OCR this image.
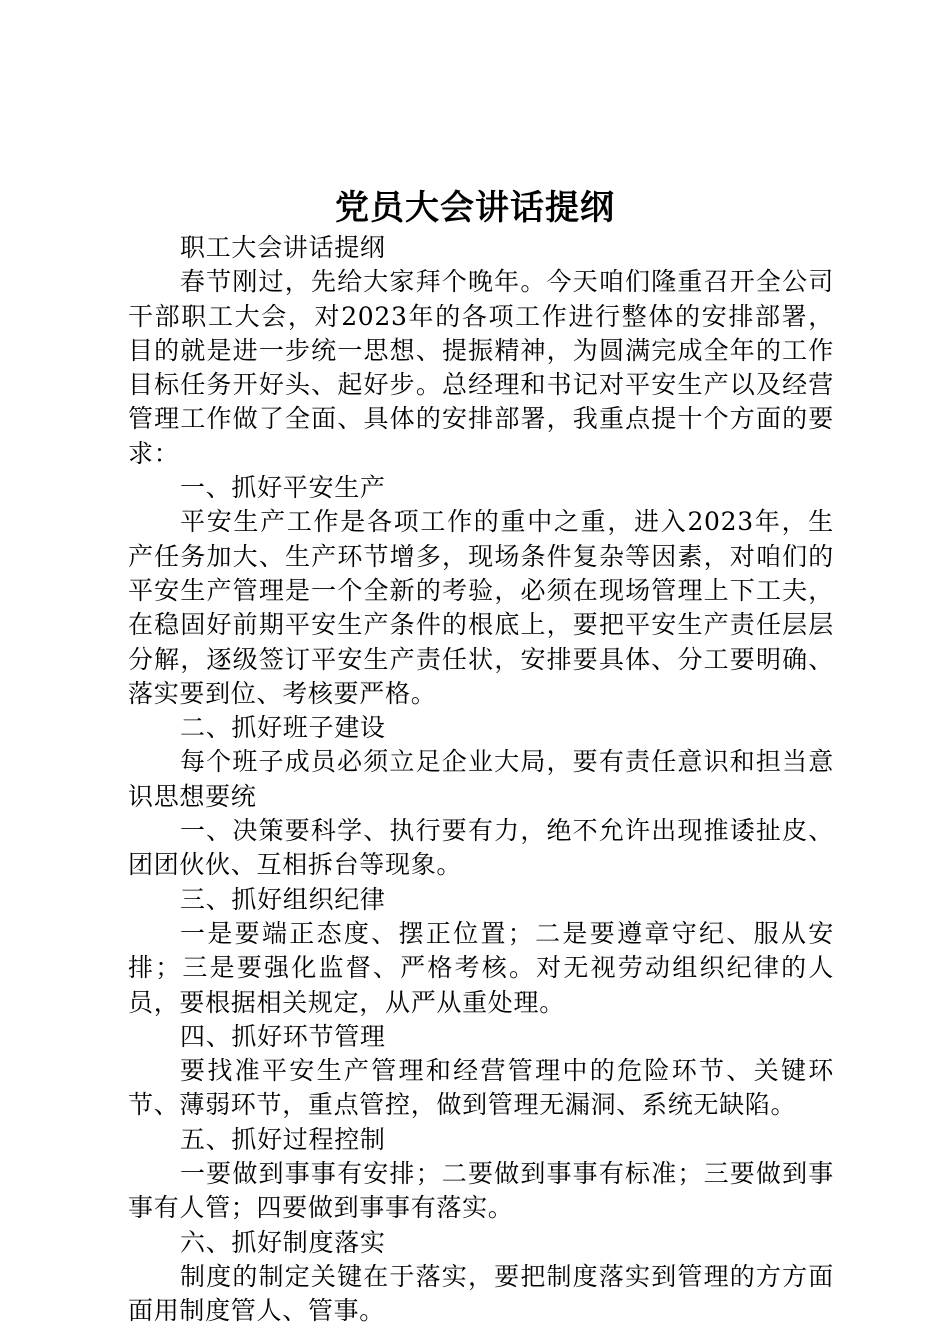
党员大会讲话提纲

职工大会讲话提纲

春节刚过，先给大家拜个晚年。今天咱们隆重召开全公司干部职工大会，对2023年的各项工作进行整体的安排部署，目的就是进一步统一思想、提振精神，为圆满完成全年的工作目标任务开好头、起好步。总经理和书记对平安生产以及经营管理工作做了全面、具体的安排部署，我重点提十个方面的要求：

一、抓好平安生产

平安生产工作是各项工作的重中之重，进入2023年，生产任务加大、生产环节增多，现场条件复杂等因素，对咱们的平安生产管理是一个全新的考验，必须在现场管理上下工夫，在稳固好前期平安生产条件的根底上，要把平安生产责任层层分解，逐级签订平安生产责任状，安排要具体、分工要明确、落实要到位、考核要严格。

二、抓好班子建设

每个班子成员必须立足企业大局，要有责任意识和担当意识思想要统

一、决策要科学、执行要有力，绝不允许出现推诿扯皮、团团伙伙、互相拆台等现象。

三、抓好组织纪律

一是要端正态度、摆正位置；二是要遵章守纪、服从安排；三是要强化监督、严格考核。对无视劳动组织纪律的人员，要根据相关规定，从严从重处理。

四、抓好环节管理

要找准平安生产管理和经营管理中的危险环节、关键环节、薄弱环节，重点管控，做到管理无漏洞、系统无缺陷。

五、抓好过程控制

一要做到事事有安排；二要做到事事有标准；三要做到事事有人管；四要做到事事有落实。

六、抓好制度落实

制度的制定关键在于落实，要把制度落实到管理的方方面面用制度管人、管事。
